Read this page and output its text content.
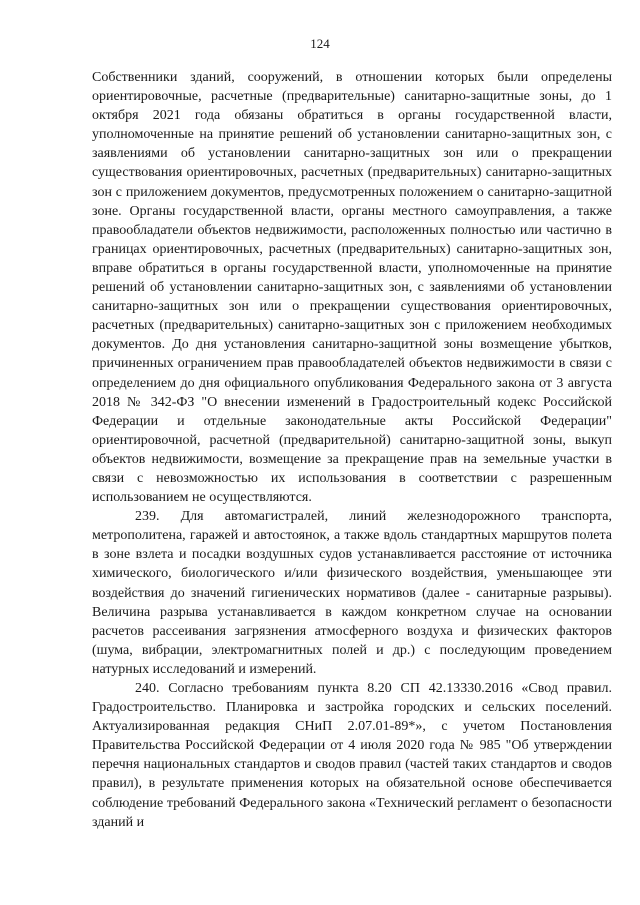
124

Собственники зданий, сооружений, в отношении которых были определены ориентировочные, расчетные (предварительные) санитарно-защитные зоны, до 1 октября 2021 года обязаны обратиться в органы государственной власти, уполномоченные на принятие решений об установлении санитарно-защитных зон, с заявлениями об установлении санитарно-защитных зон или о прекращении существования ориентировочных, расчетных (предварительных) санитарно-защитных зон с приложением документов, предусмотренных положением о санитарно-защитной зоне. Органы государственной власти, органы местного самоуправления, а также правообладатели объектов недвижимости, расположенных полностью или частично в границах ориентировочных, расчетных (предварительных) санитарно-защитных зон, вправе обратиться в органы государственной власти, уполномоченные на принятие решений об установлении санитарно-защитных зон, с заявлениями об установлении санитарно-защитных зон или о прекращении существования ориентировочных, расчетных (предварительных) санитарно-защитных зон с приложением необходимых документов. До дня установления санитарно-защитной зоны возмещение убытков, причиненных ограничением прав правообладателей объектов недвижимости в связи с определением до дня официального опубликования Федерального закона от 3 августа 2018 № 342-ФЗ "О внесении изменений в Градостроительный кодекс Российской Федерации и отдельные законодательные акты Российской Федерации" ориентировочной, расчетной (предварительной) санитарно-защитной зоны, выкуп объектов недвижимости, возмещение за прекращение прав на земельные участки в связи с невозможностью их использования в соответствии с разрешенным использованием не осуществляются.

239. Для автомагистралей, линий железнодорожного транспорта, метрополитена, гаражей и автостоянок, а также вдоль стандартных маршрутов полета в зоне взлета и посадки воздушных судов устанавливается расстояние от источника химического, биологического и/или физического воздействия, уменьшающее эти воздействия до значений гигиенических нормативов (далее - санитарные разрывы). Величина разрыва устанавливается в каждом конкретном случае на основании расчетов рассеивания загрязнения атмосферного воздуха и физических факторов (шума, вибрации, электромагнитных полей и др.) с последующим проведением натурных исследований и измерений.

240. Согласно требованиям пункта 8.20 СП 42.13330.2016 «Свод правил. Градостроительство. Планировка и застройка городских и сельских поселений. Актуализированная редакция СНиП 2.07.01-89*», с учетом Постановления Правительства Российской Федерации от 4 июля 2020 года № 985 "Об утверждении перечня национальных стандартов и сводов правил (частей таких стандартов и сводов правил), в результате применения которых на обязательной основе обеспечивается соблюдение требований Федерального закона «Технический регламент о безопасности зданий и
